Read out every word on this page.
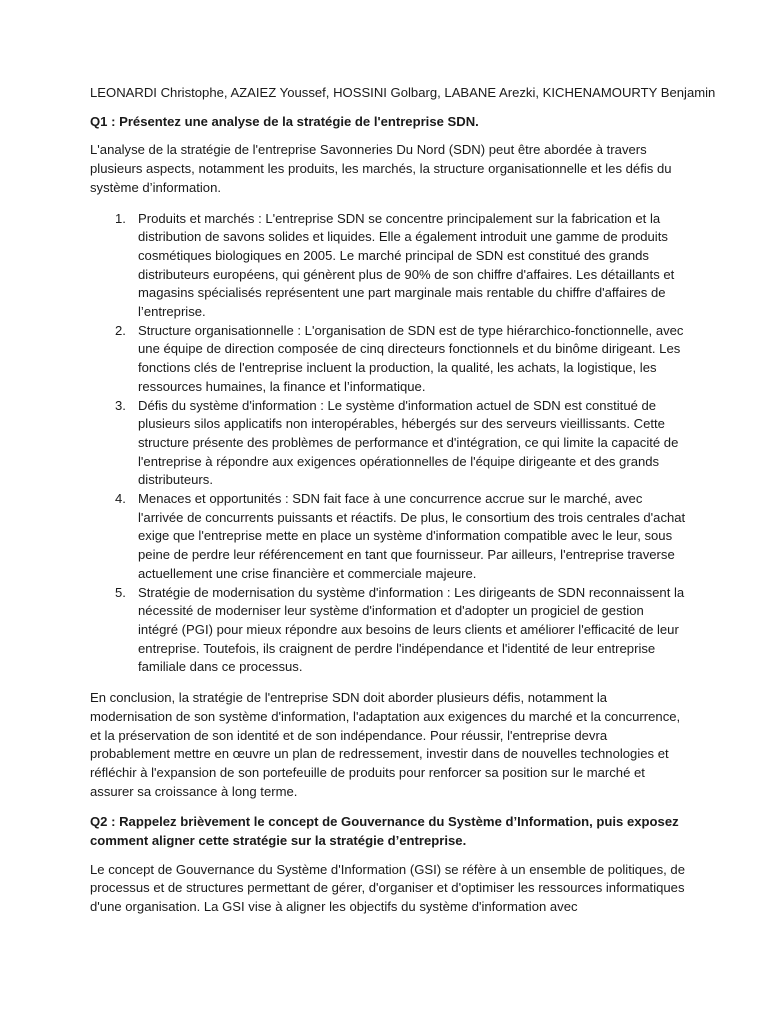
LEONARDI Christophe, AZAIEZ Youssef, HOSSINI Golbarg, LABANE Arezki, KICHENAMOURTY Benjamin

Q1 : Présentez une analyse de la stratégie de l'entreprise SDN.

L'analyse de la stratégie de l'entreprise Savonneries Du Nord (SDN) peut être abordée à travers plusieurs aspects, notamment les produits, les marchés, la structure organisationnelle et les défis du système d’information.

1. Produits et marchés : L'entreprise SDN se concentre principalement sur la fabrication et la distribution de savons solides et liquides. Elle a également introduit une gamme de produits cosmétiques biologiques en 2005. Le marché principal de SDN est constitué des grands distributeurs européens, qui génèrent plus de 90% de son chiffre d'affaires. Les détaillants et magasins spécialisés représentent une part marginale mais rentable du chiffre d'affaires de l’entreprise.
2. Structure organisationnelle : L'organisation de SDN est de type hiérarchico-fonctionnelle, avec une équipe de direction composée de cinq directeurs fonctionnels et du binôme dirigeant. Les fonctions clés de l'entreprise incluent la production, la qualité, les achats, la logistique, les ressources humaines, la finance et l’informatique.
3. Défis du système d'information : Le système d'information actuel de SDN est constitué de plusieurs silos applicatifs non interopérables, hébergés sur des serveurs vieillissants. Cette structure présente des problèmes de performance et d'intégration, ce qui limite la capacité de l'entreprise à répondre aux exigences opérationnelles de l'équipe dirigeante et des grands distributeurs.
4. Menaces et opportunités : SDN fait face à une concurrence accrue sur le marché, avec l'arrivée de concurrents puissants et réactifs. De plus, le consortium des trois centrales d'achat exige que l'entreprise mette en place un système d'information compatible avec le leur, sous peine de perdre leur référencement en tant que fournisseur. Par ailleurs, l'entreprise traverse actuellement une crise financière et commerciale majeure.
5. Stratégie de modernisation du système d'information : Les dirigeants de SDN reconnaissent la nécessité de moderniser leur système d'information et d'adopter un progiciel de gestion intégré (PGI) pour mieux répondre aux besoins de leurs clients et améliorer l'efficacité de leur entreprise. Toutefois, ils craignent de perdre l'indépendance et l'identité de leur entreprise familiale dans ce processus.

En conclusion, la stratégie de l'entreprise SDN doit aborder plusieurs défis, notamment la modernisation de son système d'information, l'adaptation aux exigences du marché et la concurrence, et la préservation de son identité et de son indépendance. Pour réussir, l'entreprise devra probablement mettre en œuvre un plan de redressement, investir dans de nouvelles technologies et réfléchir à l'expansion de son portefeuille de produits pour renforcer sa position sur le marché et assurer sa croissance à long terme.

Q2 : Rappelez brièvement le concept de Gouvernance du Système d’Information, puis exposez comment aligner cette stratégie sur la stratégie d’entreprise.

Le concept de Gouvernance du Système d'Information (GSI) se réfère à un ensemble de politiques, de processus et de structures permettant de gérer, d'organiser et d'optimiser les ressources informatiques d'une organisation. La GSI vise à aligner les objectifs du système d'information avec
